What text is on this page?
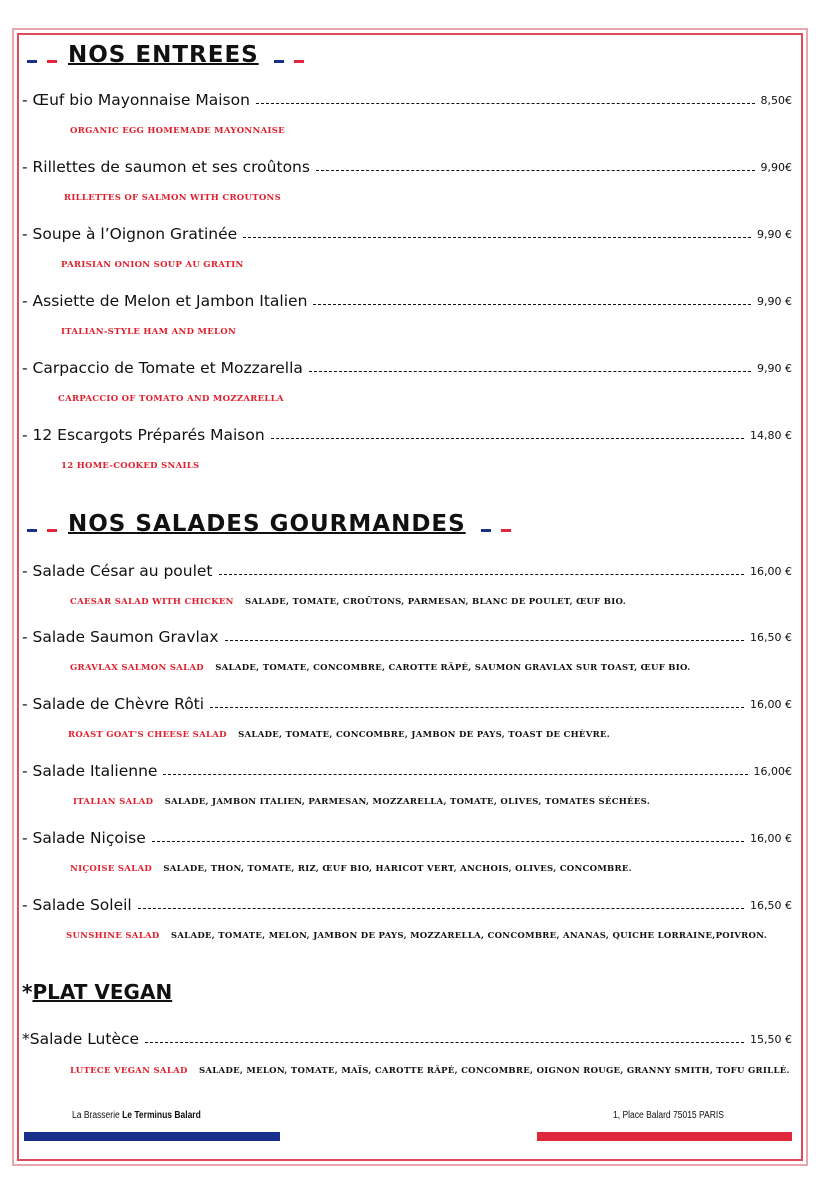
NOS ENTREES
- Œuf bio Mayonnaise Maison	8,50€
ORGANIC EGG HOMEMADE MAYONNAISE
- Rillettes de saumon et ses croûtons	9,90€
RILLETTES OF SALMON WITH CROUTONS
- Soupe à l’Oignon Gratinée	9,90 €
PARISIAN ONION SOUP AU GRATIN
- Assiette de Melon et Jambon Italien	9,90 €
ITALIAN-STYLE HAM AND MELON
- Carpaccio de Tomate et Mozzarella	9,90 €
CARPACCIO OF TOMATO AND MOZZARELLA
- 12 Escargots Préparés Maison	14,80 €
12 HOME-COOKED SNAILS
NOS SALADES GOURMANDES
- Salade César au poulet	16,00 €
CAESAR SALAD WITH CHICKEN SALADE, TOMATE, CROÛTONS, PARMESAN, BLANC DE POULET, ŒUF BIO.
- Salade Saumon Gravlax	16,50 €
GRAVLAX SALMON SALAD SALADE, TOMATE, CONCOMBRE, CAROTTE RÂPÉ, SAUMON GRAVLAX SUR TOAST, ŒUF BIO.
- Salade de Chèvre Rôti	16,00 €
ROAST GOAT'S CHEESE SALAD SALADE, TOMATE, CONCOMBRE, JAMBON DE PAYS, TOAST DE CHÈVRE.
- Salade Italienne	16,00€
ITALIAN SALAD SALADE, JAMBON ITALIEN, PARMESAN, MOZZARELLA, TOMATE, OLIVES, TOMATES SÉCHÉES.
- Salade Niçoise	16,00 €
NIÇOISE SALAD SALADE, THON, TOMATE, RIZ, ŒUF BIO, HARICOT VERT, ANCHOIS, OLIVES, CONCOMBRE.
- Salade Soleil	16,50 €
SUNSHINE SALAD SALADE, TOMATE, MELON, JAMBON DE PAYS, MOZZARELLA, CONCOMBRE, ANANAS, QUICHE LORRAINE,POIVRON.
*PLAT VEGAN
*Salade Lutèce	15,50 €
LUTECE VEGAN SALAD SALADE, MELON, TOMATE, MAÏS, CAROTTE RÂPÉ, CONCOMBRE, OIGNON ROUGE, GRANNY SMITH, TOFU GRILLÉ.
La Brasserie Le Terminus Balard	1, Place Balard 75015 PARIS
